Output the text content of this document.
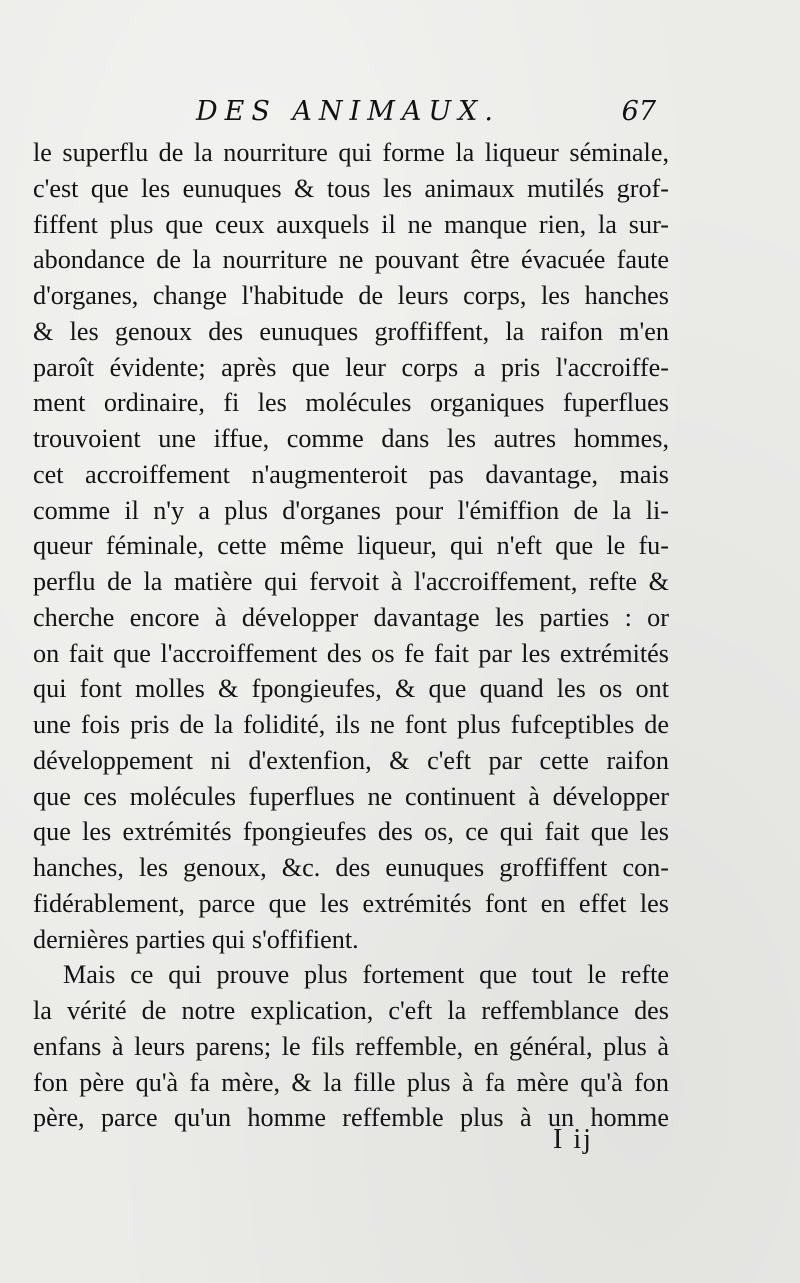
DES ANIMAUX.	67
le superflu de la nourriture qui forme la liqueur séminale,
c'est que les eunuques & tous les animaux mutilés grof-
fiffent plus que ceux auxquels il ne manque rien, la sur-
abondance de la nourriture ne pouvant être évacuée faute
d'organes, change l'habitude de leurs corps, les hanches
& les genoux des eunuques groffiffent, la raifon m'en
paroît évidente; après que leur corps a pris l'accroiffe-
ment ordinaire, fi les molécules organiques fuperflues
trouvoient une iffue, comme dans les autres hommes,
cet accroiffement n'augmenteroit pas davantage, mais
comme il n'y a plus d'organes pour l'émiffion de la li-
queur féminale, cette même liqueur, qui n'eft que le fu-
perflu de la matière qui fervoit à l'accroiffement, refte &
cherche encore à développer davantage les parties : or
on fait que l'accroiffement des os fe fait par les extrémités
qui font molles & fpongieufes, & que quand les os ont
une fois pris de la folidité, ils ne font plus fufceptibles de
développement ni d'extenfion, & c'eft par cette raifon
que ces molécules fuperflues ne continuent à développer
que les extrémités fpongieufes des os, ce qui fait que les
hanches, les genoux, &c. des eunuques groffiffent con-
fidérablement, parce que les extrémités font en effet les
dernières parties qui s'offifient.
Mais ce qui prouve plus fortement que tout le refte
la vérité de notre explication, c'eft la reffemblance des
enfans à leurs parens; le fils reffemble, en général, plus à
fon père qu'à fa mère, & la fille plus à fa mère qu'à fon
père, parce qu'un homme reffemble plus à un homme
I ij
